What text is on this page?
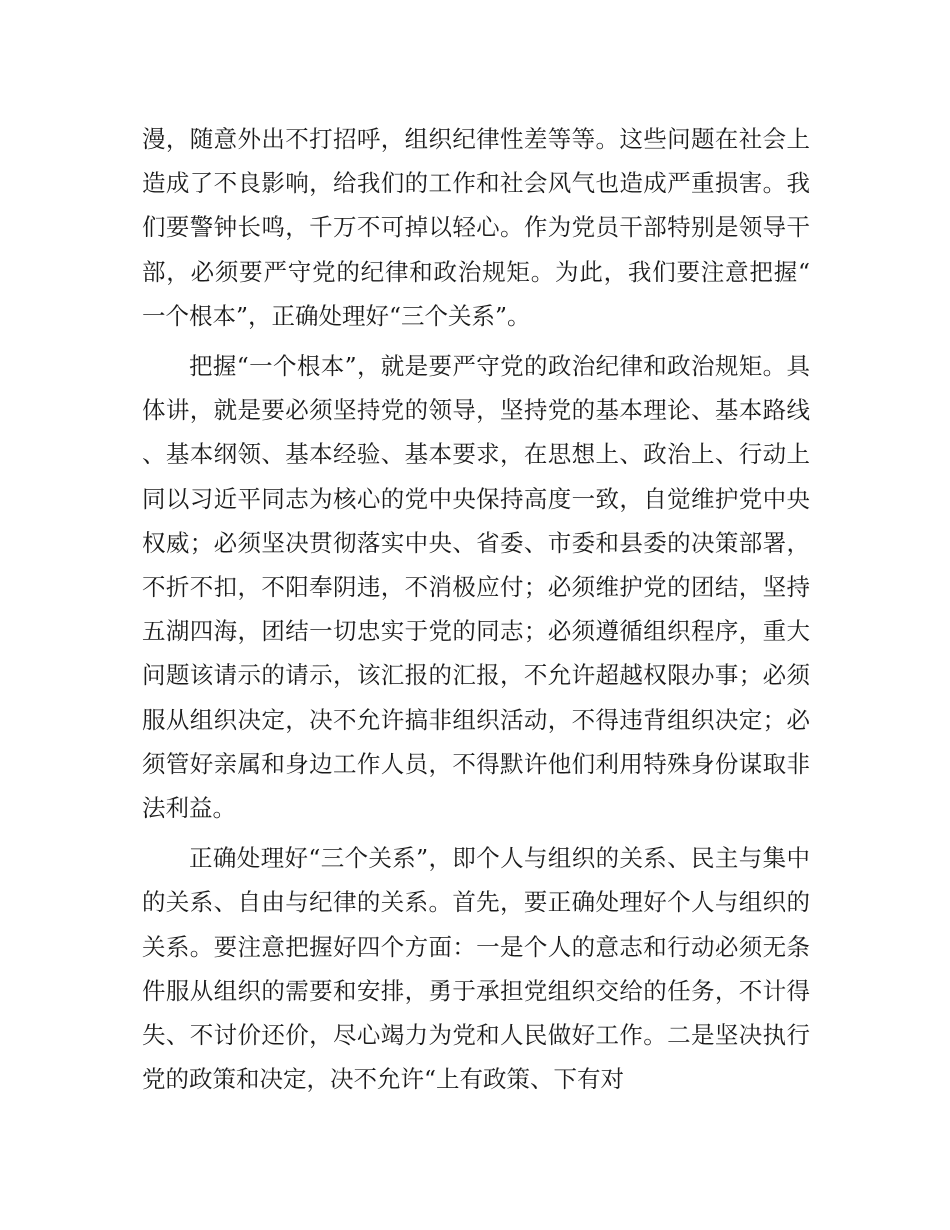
漫，随意外出不打招呼，组织纪律性差等等。这些问题在社会上造成了不良影响，给我们的工作和社会风气也造成严重损害。我们要警钟长鸣，千万不可掉以轻心。作为党员干部特别是领导干部，必须要严守党的纪律和政治规矩。为此，我们要注意把握“一个根本”，正确处理好“三个关系”。

把握“一个根本”，就是要严守党的政治纪律和政治规矩。具体讲，就是要必须坚持党的领导，坚持党的基本理论、基本路线、基本纲领、基本经验、基本要求，在思想上、政治上、行动上同以习近平同志为核心的党中央保持高度一致，自觉维护党中央权威；必须坚决贯彻落实中央、省委、市委和县委的决策部署，不折不扣，不阳奉阴违，不消极应付；必须维护党的团结，坚持五湖四海，团结一切忠实于党的同志；必须遵循组织程序，重大问题该请示的请示，该汇报的汇报，不允许超越权限办事；必须服从组织决定，决不允许搞非组织活动，不得违背组织决定；必须管好亲属和身边工作人员，不得默许他们利用特殊身份谋取非法利益。

正确处理好“三个关系”，即个人与组织的关系、民主与集中的关系、自由与纪律的关系。首先，要正确处理好个人与组织的关系。要注意把握好四个方面：一是个人的意志和行动必须无条件服从组织的需要和安排，勇于承担党组织交给的任务，不计得失、不讨价还价，尽心竭力为党和人民做好工作。二是坚决执行党的政策和决定，决不允许“上有政策、下有对
